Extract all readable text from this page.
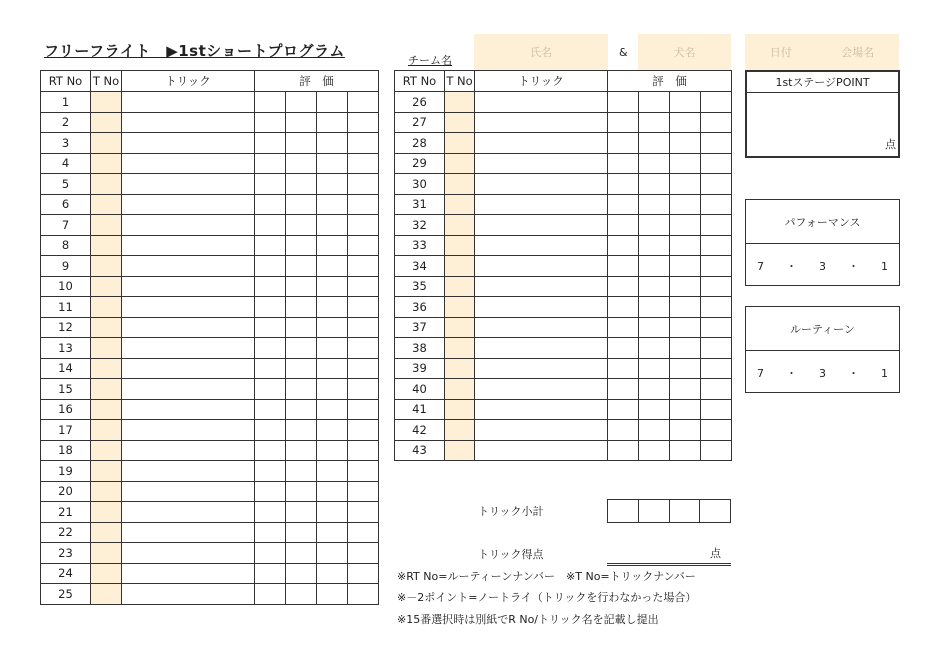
フリーフライト　▶1stショートプログラム
チーム名
氏名	&	犬名	日付	会場名
RT No	T No	トリック	評　価			
1						
2						
3						
4						
5						
6						
7						
8						
9						
10						
11						
12						
13						
14						
15						
16						
17						
18						
19						
20						
21						
22						
23						
24						
25						
RT No	T No	トリック	評　価			
26						
27						
28						
29						
30						
31						
32						
33						
34						
35						
36						
37						
38						
39						
40						
41						
42						
43						
1stステージPOINT
点
パフォーマンス
7　　・　　3　　・　　1
ルーティーン
7　　・　　3　　・　　1
トリック小計

トリック得点	点
※RT No=ルーティーンナンバー　※T No=トリックナンバー
※－2ポイント=ノートライ（トリックを行わなかった場合）
※15番選択時は別紙でR No/トリック名を記載し提出
